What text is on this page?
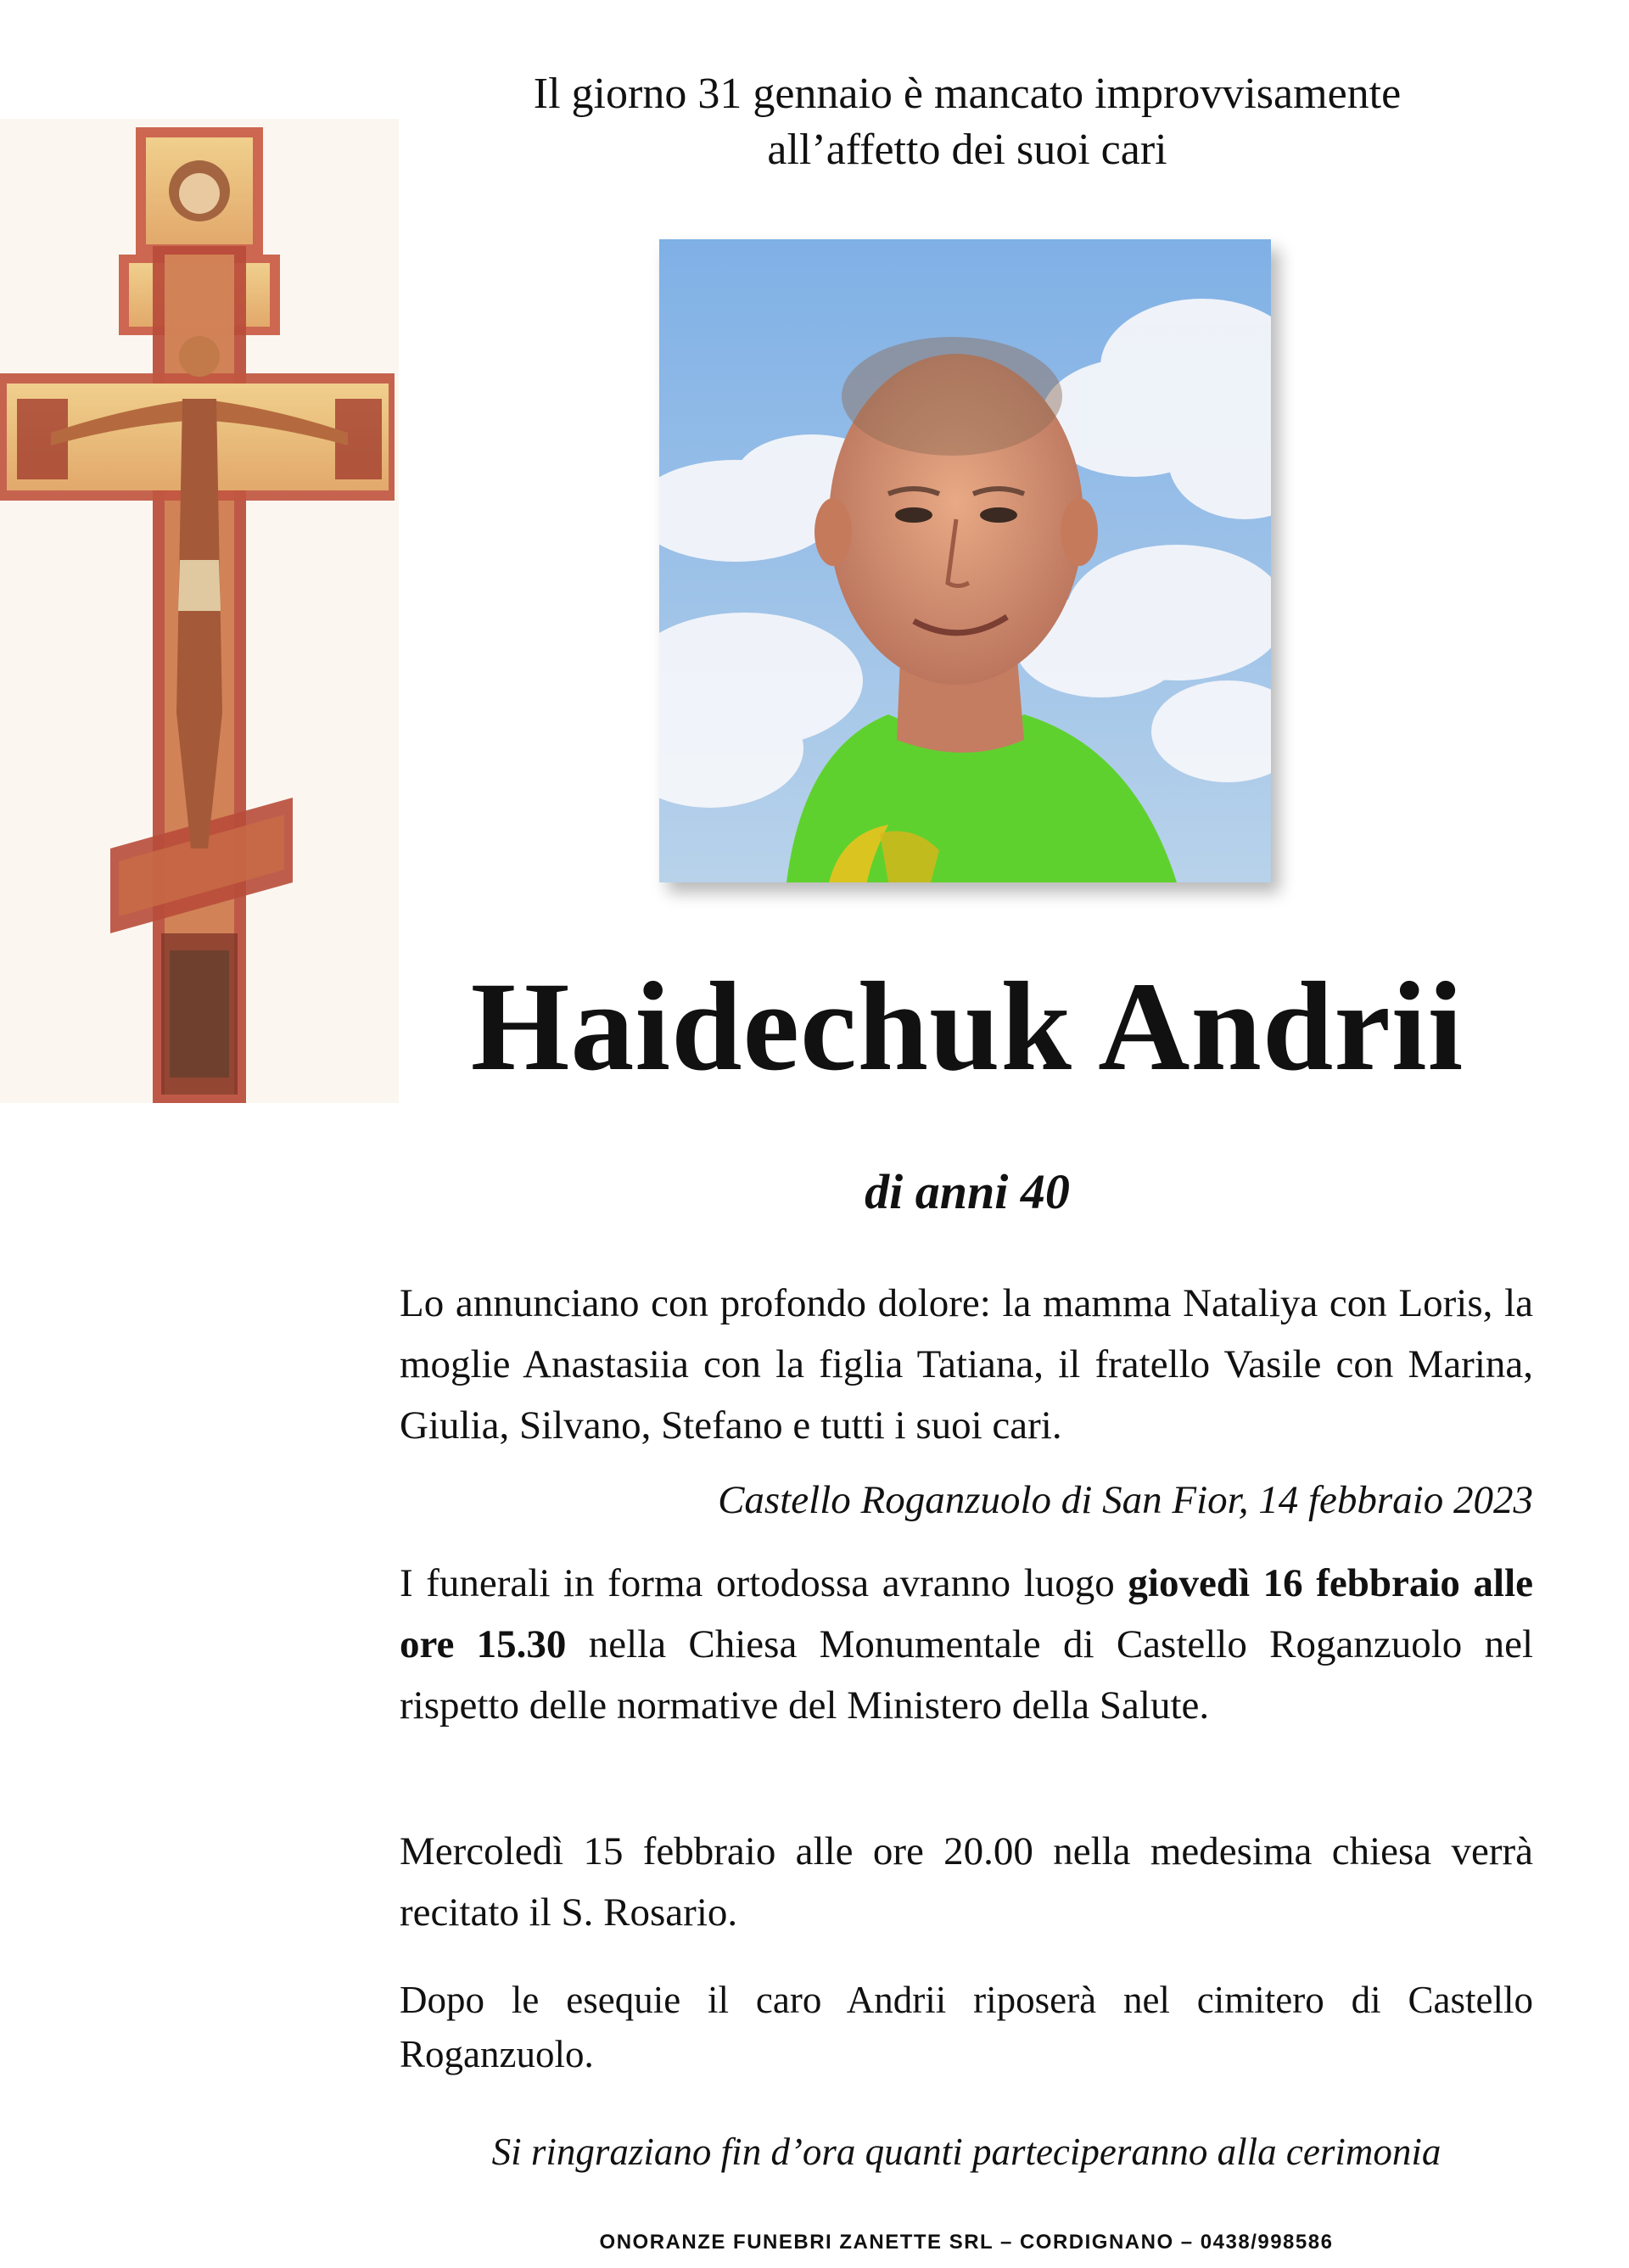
Il giorno 31 gennaio è mancato improvvisamente
all’affetto dei suoi cari
Haidechuk Andrii
di anni 40
Lo annunciano con profondo dolore: la mamma Nataliya con Loris, la moglie Anastasiia con la figlia Tatiana, il fratello Vasile con Marina, Giulia, Silvano, Stefano e tutti i suoi cari.
Castello Roganzuolo di San Fior, 14 febbraio 2023
I funerali in forma ortodossa avranno luogo giovedì 16 febbraio alle ore 15.30 nella Chiesa Monumentale di Castello Roganzuolo nel rispetto delle normative del Ministero della Salute.
Mercoledì 15 febbraio alle ore 20.00 nella medesima chiesa verrà recitato il S. Rosario.
Dopo le esequie il caro Andrii riposerà nel cimitero di Castello Roganzuolo.
Si ringraziano fin d’ora quanti parteciperanno alla cerimonia
ONORANZE FUNEBRI ZANETTE SRL – CORDIGNANO – 0438/998586
